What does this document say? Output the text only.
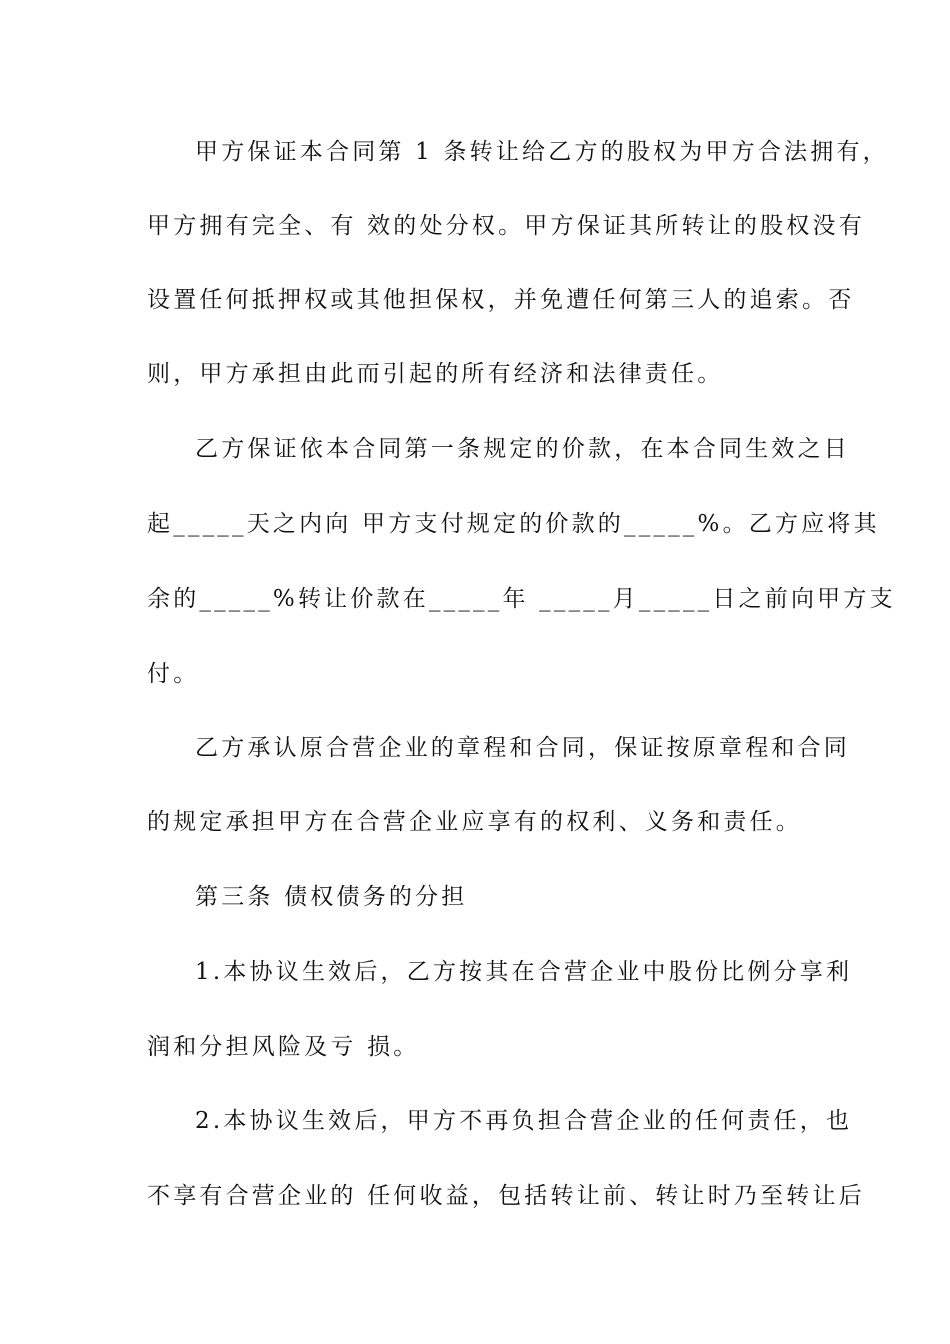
甲方保证本合同第 1 条转让给乙方的股权为甲方合法拥有，
甲方拥有完全、有 效的处分权。甲方保证其所转让的股权没有
设置任何抵押权或其他担保权，并免遭任何第三人的追索。否
则，甲方承担由此而引起的所有经济和法律责任。
乙方保证依本合同第一条规定的价款，在本合同生效之日
起_____天之内向 甲方支付规定的价款的_____%。乙方应将其
余的_____%转让价款在_____年 _____月_____日之前向甲方支
付。
乙方承认原合营企业的章程和合同，保证按原章程和合同
的规定承担甲方在合营企业应享有的权利、义务和责任。
第三条 债权债务的分担
1.本协议生效后，乙方按其在合营企业中股份比例分享利
润和分担风险及亏 损。
2.本协议生效后，甲方不再负担合营企业的任何责任，也
不享有合营企业的 任何收益，包括转让前、转让时乃至转让后
